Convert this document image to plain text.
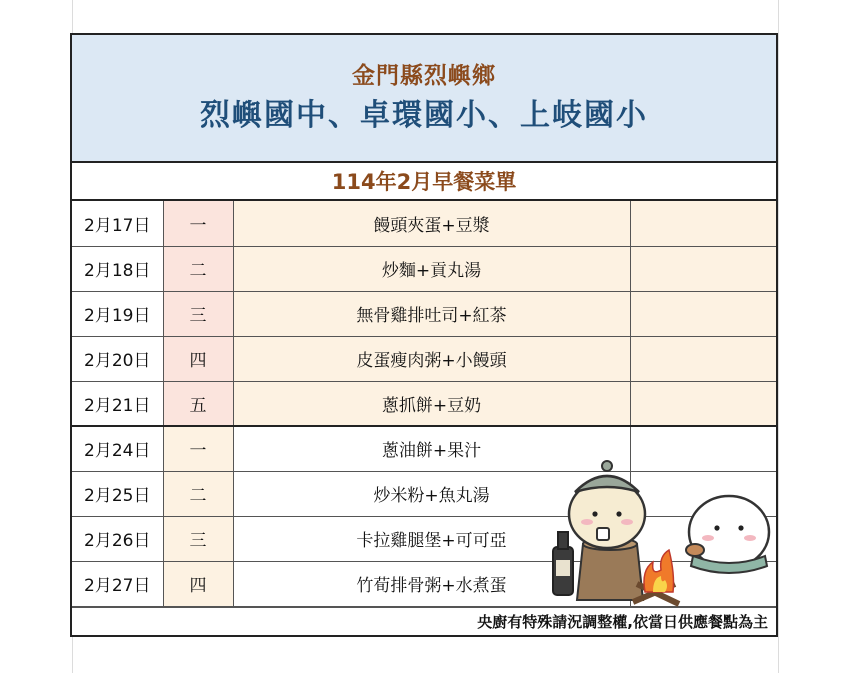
金門縣烈嶼鄉
烈嶼國中、卓環國小、上岐國小
114年2月早餐菜單
2月17日	一	饅頭夾蛋+豆漿	
2月18日	二	炒麵+貢丸湯	
2月19日	三	無骨雞排吐司+紅茶	
2月20日	四	皮蛋瘦肉粥+小饅頭	
2月21日	五	蔥抓餅+豆奶	
2月24日	一	蔥油餅+果汁	
2月25日	二	炒米粉+魚丸湯	
2月26日	三	卡拉雞腿堡+可可亞	
2月27日	四	竹荀排骨粥+水煮蛋	
央廚有特殊請況調整權,依當日供應餐點為主
